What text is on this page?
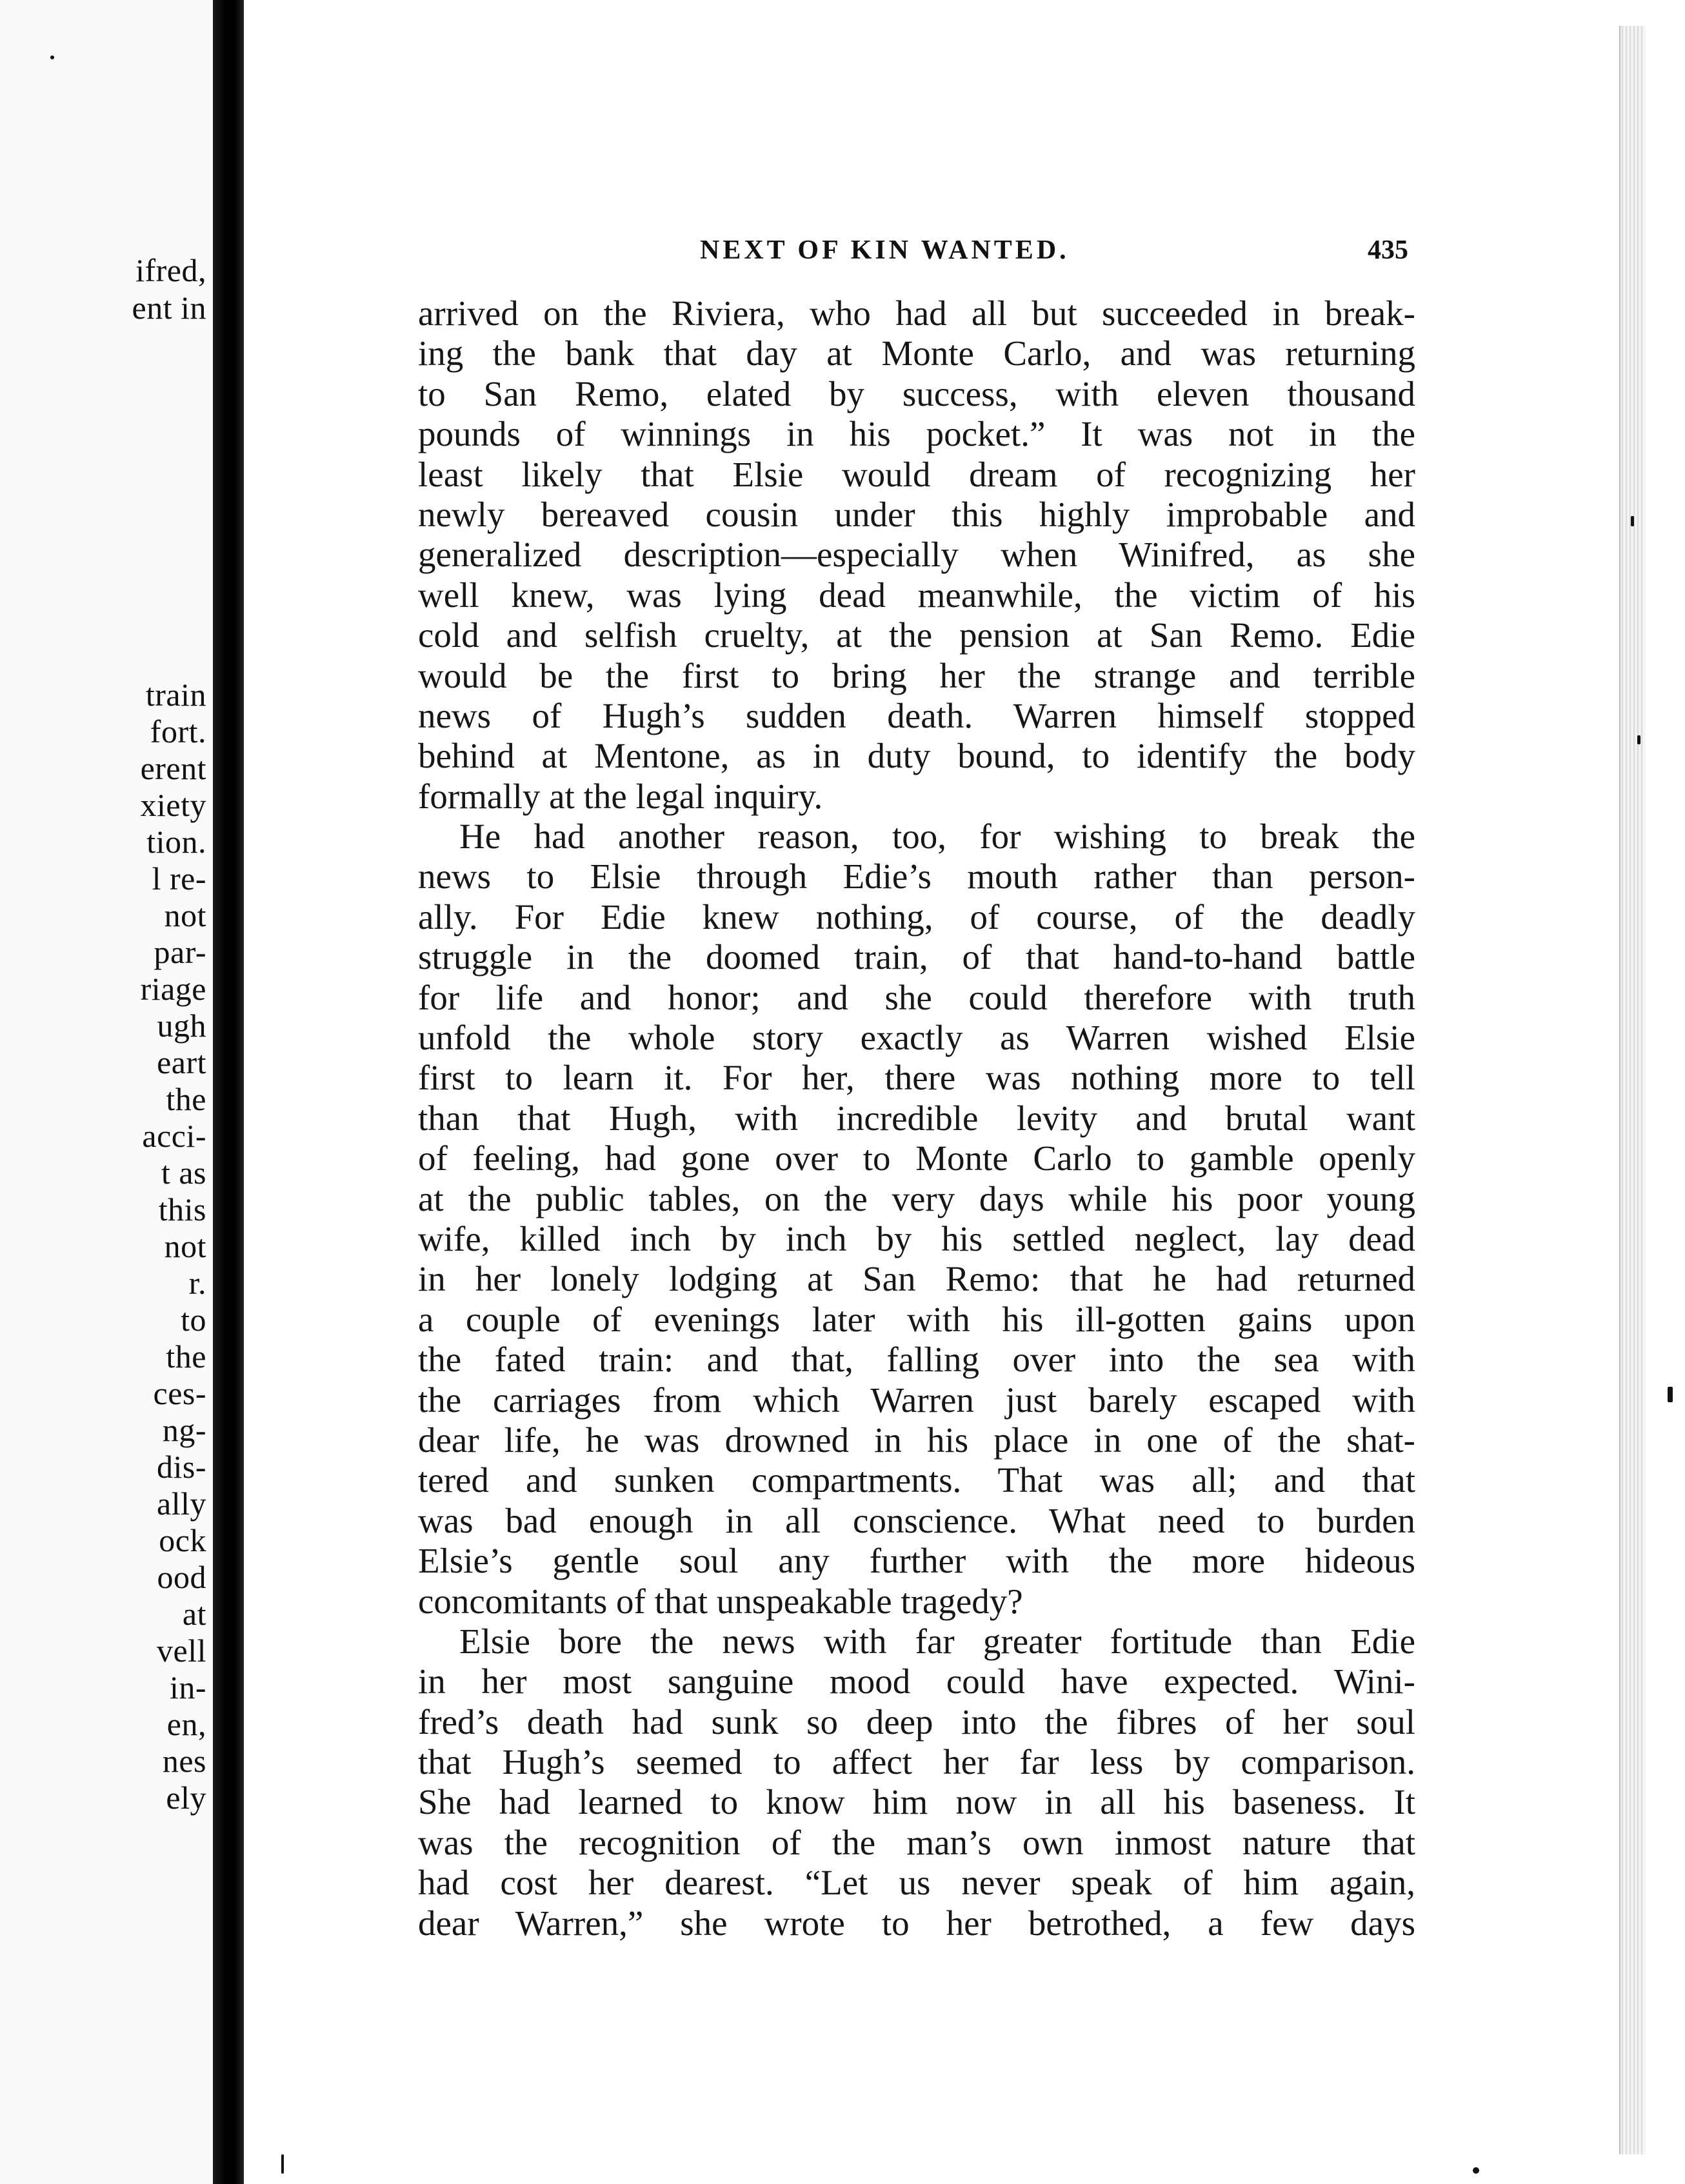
ifred,
ent in
train
fort.
erent
xiety
tion.
l re-
not
par-
riage
ugh
eart
the
acci-
t as
this
not
r.
to
the
ces-
ng-
dis-
ally
ock
ood
at
vell
in-
en,
nes
ely
NEXT OF KIN WANTED.	435
arrived on the Riviera, who had all but succeeded in break-
ing the bank that day at Monte Carlo, and was returning
to San Remo, elated by success, with eleven thousand
pounds of winnings in his pocket.” It was not in the
least likely that Elsie would dream of recognizing her
newly bereaved cousin under this highly improbable and
generalized description—especially when Winifred, as she
well knew, was lying dead meanwhile, the victim of his
cold and selfish cruelty, at the pension at San Remo. Edie
would be the first to bring her the strange and terrible
news of Hugh’s sudden death. Warren himself stopped
behind at Mentone, as in duty bound, to identify the body
formally at the legal inquiry.
He had another reason, too, for wishing to break the
news to Elsie through Edie’s mouth rather than person-
ally. For Edie knew nothing, of course, of the deadly
struggle in the doomed train, of that hand-to-hand battle
for life and honor; and she could therefore with truth
unfold the whole story exactly as Warren wished Elsie
first to learn it. For her, there was nothing more to tell
than that Hugh, with incredible levity and brutal want
of feeling, had gone over to Monte Carlo to gamble openly
at the public tables, on the very days while his poor young
wife, killed inch by inch by his settled neglect, lay dead
in her lonely lodging at San Remo: that he had returned
a couple of evenings later with his ill-gotten gains upon
the fated train: and that, falling over into the sea with
the carriages from which Warren just barely escaped with
dear life, he was drowned in his place in one of the shat-
tered and sunken compartments. That was all; and that
was bad enough in all conscience. What need to burden
Elsie’s gentle soul any further with the more hideous
concomitants of that unspeakable tragedy?
Elsie bore the news with far greater fortitude than Edie
in her most sanguine mood could have expected. Wini-
fred’s death had sunk so deep into the fibres of her soul
that Hugh’s seemed to affect her far less by comparison.
She had learned to know him now in all his baseness. It
was the recognition of the man’s own inmost nature that
had cost her dearest. “Let us never speak of him again,
dear Warren,” she wrote to her betrothed, a few days
